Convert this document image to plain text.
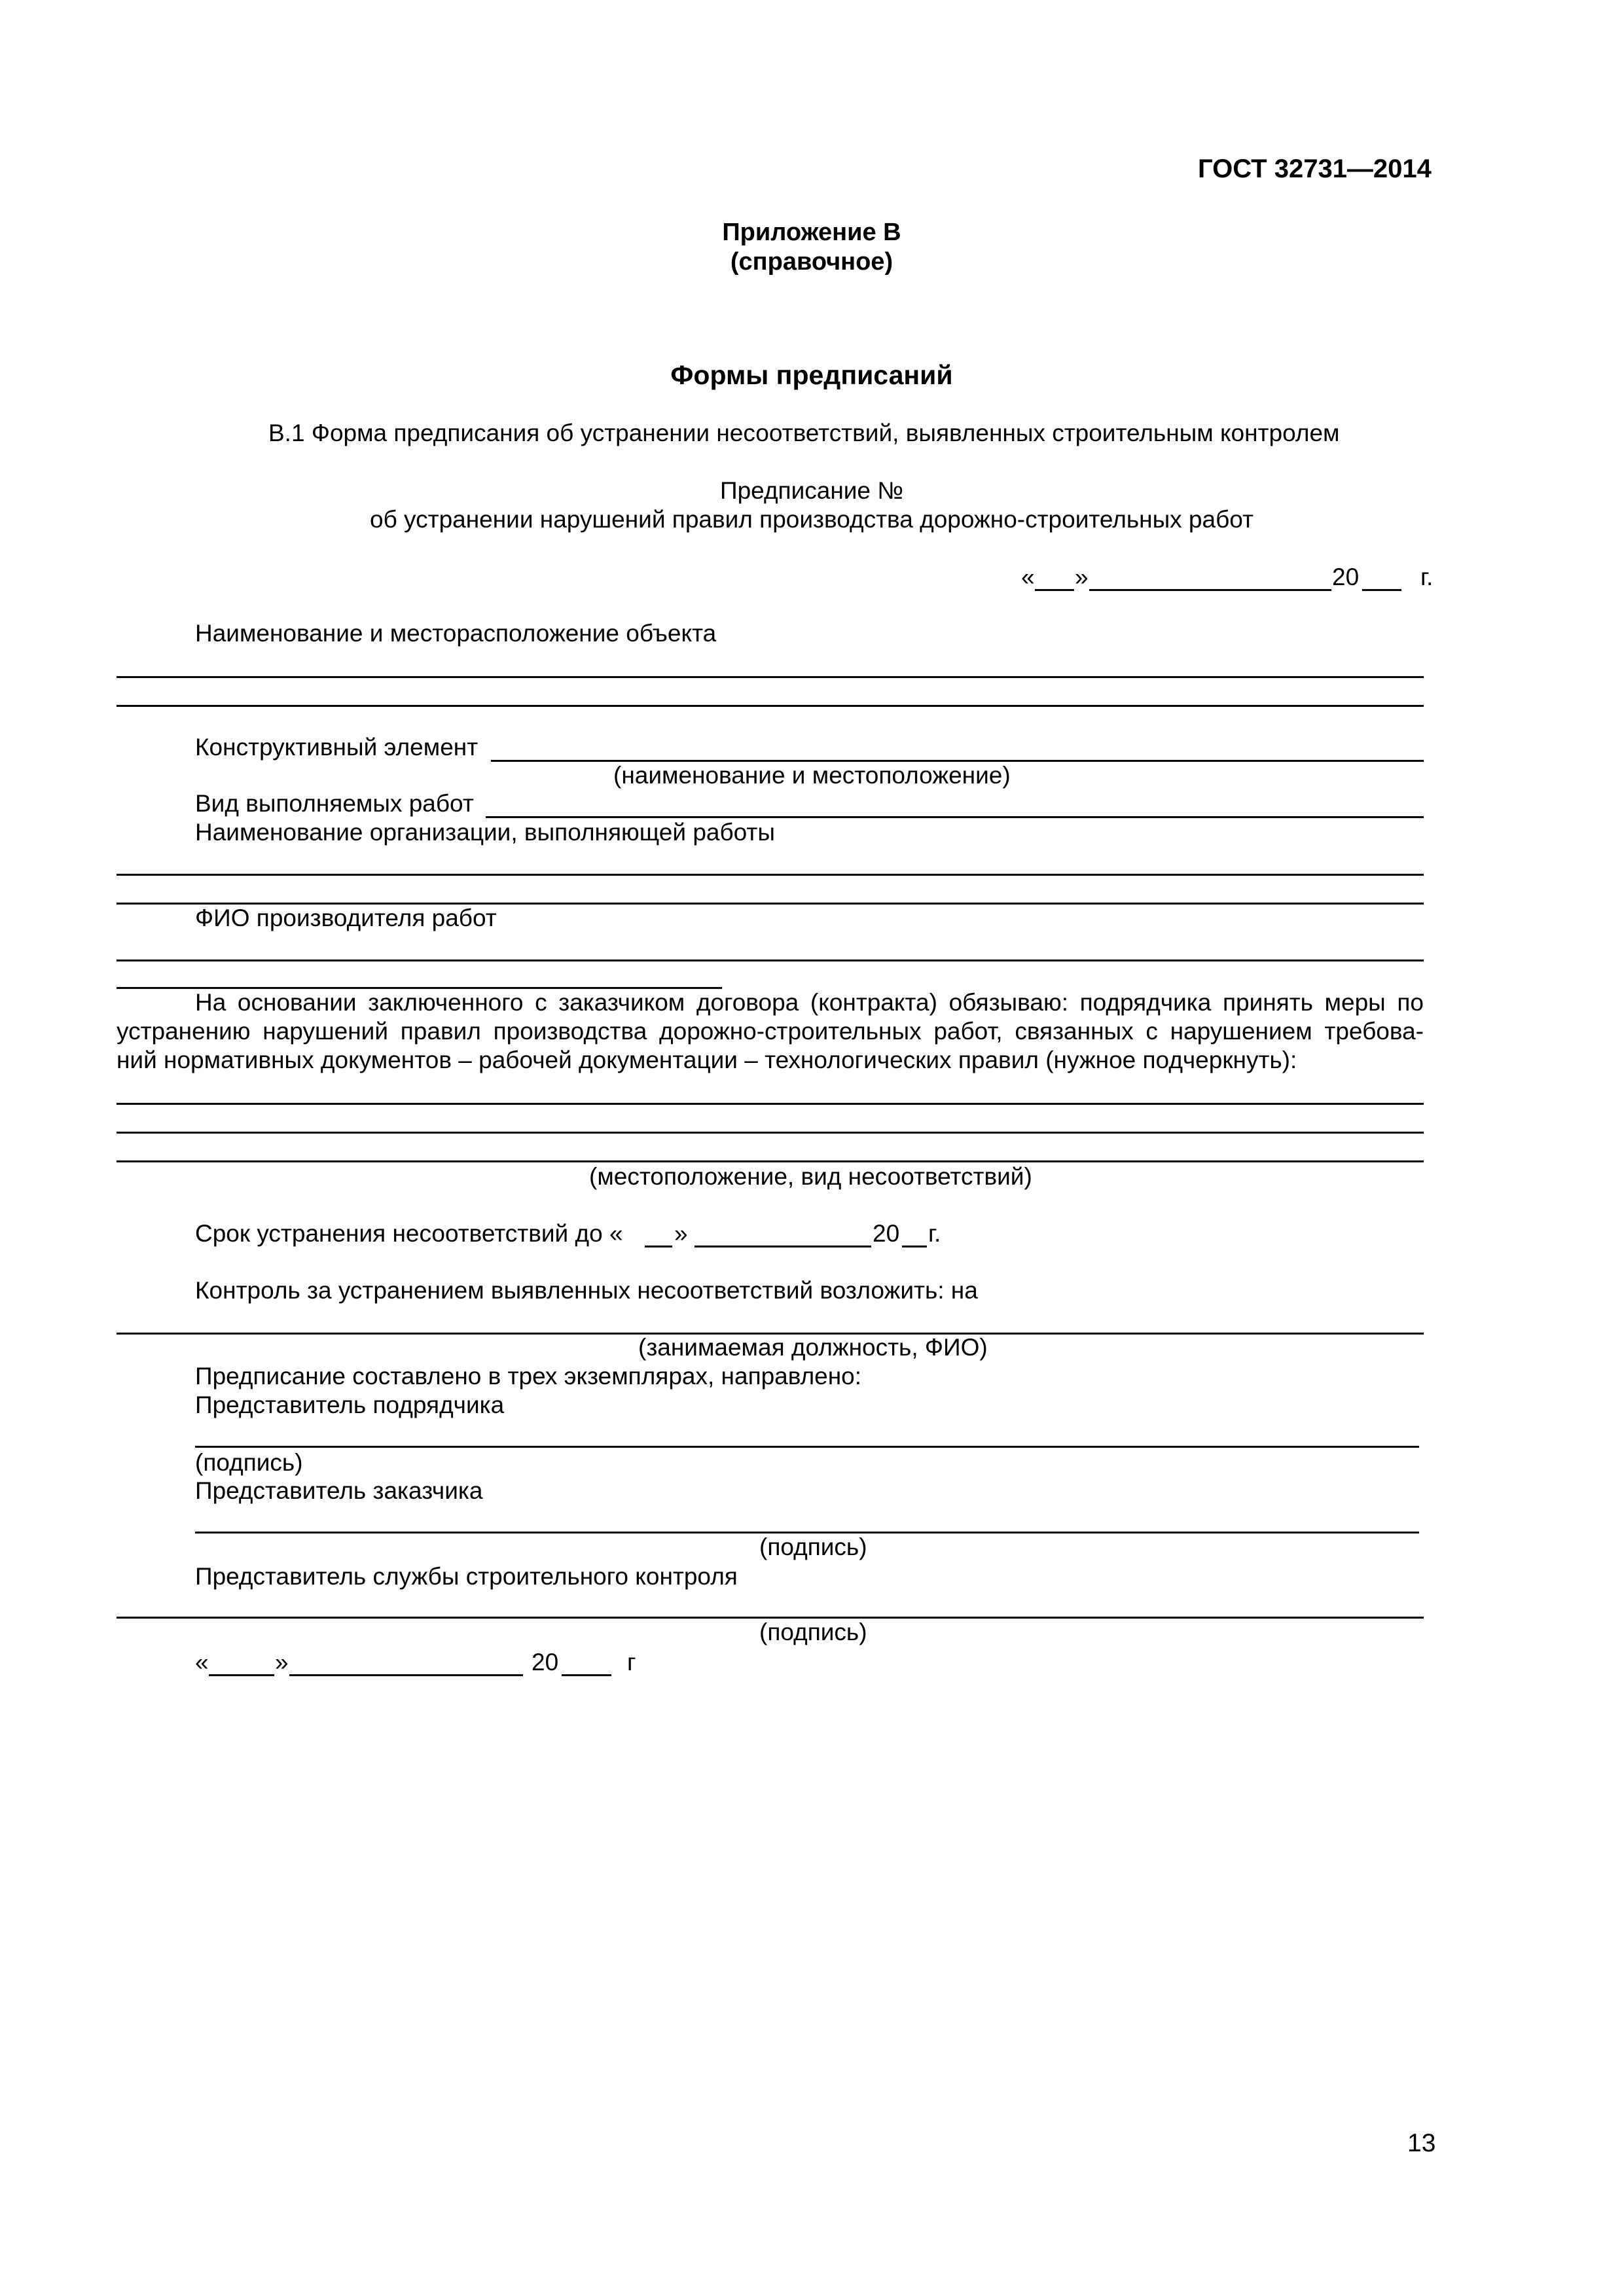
ГОСТ 32731—2014
Приложение В
(справочное)
Формы предписаний
В.1 Форма предписания об устранении несоответствий, выявленных строительным контролем
Предписание №
об устранении нарушений правил производства дорожно-строительных работ
« »	20	г.
Наименование и месторасположение объекта
Конструктивный элемент
(наименование и местоположение)
Вид выполняемых работ
Наименование организации, выполняющей работы
ФИО производителя работ
На основании заключенного с заказчиком договора (контракта) обязываю: подрядчика принять меры по
устранению нарушений правил производства дорожно-строительных работ, связанных с нарушением требова-
ний нормативных документов – рабочей документации – технологических правил (нужное подчеркнуть):
(местоположение, вид несоответствий)
Срок устранения несоответствий до « »	20 г.
Контроль за устранением выявленных несоответствий возложить: на
(занимаемая должность, ФИО)
Предписание составлено в трех экземплярах, направлено:
Представитель подрядчика
(подпись)
Представитель заказчика
(подпись)
Представитель службы строительного контроля
(подпись)
«	»	20	г
13
